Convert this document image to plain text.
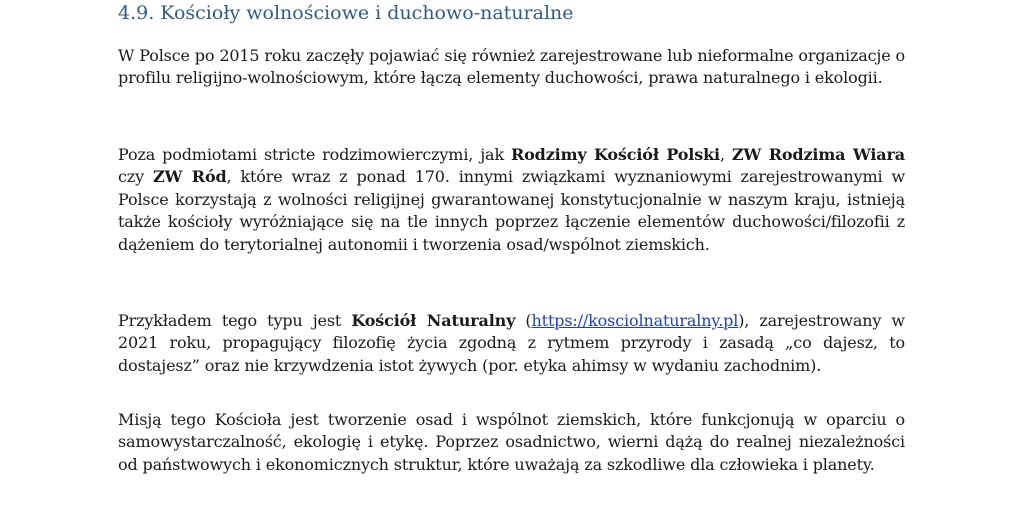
4.9. Kościoły wolnościowe i duchowo-naturalne

W Polsce po 2015 roku zaczęły pojawiać się również zarejestrowane lub nieformalne organizacje o profilu religijno-wolnościowym, które łączą elementy duchowości, prawa naturalnego i ekologii.

Poza podmiotami stricte rodzimowierczymi, jak Rodzimy Kościół Polski, ZW Rodzima Wiara czy ZW Ród, które wraz z ponad 170. innymi związkami wyznaniowymi zarejestrowanymi w Polsce korzystają z wolności religijnej gwarantowanej konstytucjonalnie w naszym kraju, istnieją także kościoły wyróżniające się na tle innych poprzez łączenie elementów duchowości/filozofii z dążeniem do terytorialnej autonomii i tworzenia osad/wspólnot ziemskich.

Przykładem tego typu jest Kościół Naturalny (https://kosciolnaturalny.pl), zarejestrowany w 2021 roku, propagujący filozofię życia zgodną z rytmem przyrody i zasadą „co dajesz, to dostajesz” oraz nie krzywdzenia istot żywych (por. etyka ahimsy w wydaniu zachodnim).

Misją tego Kościoła jest tworzenie osad i wspólnot ziemskich, które funkcjonują w oparciu o samowystarczalność, ekologię i etykę. Poprzez osadnictwo, wierni dążą do realnej niezależności od państwowych i ekonomicznych struktur, które uważają za szkodliwe dla człowieka i planety.
